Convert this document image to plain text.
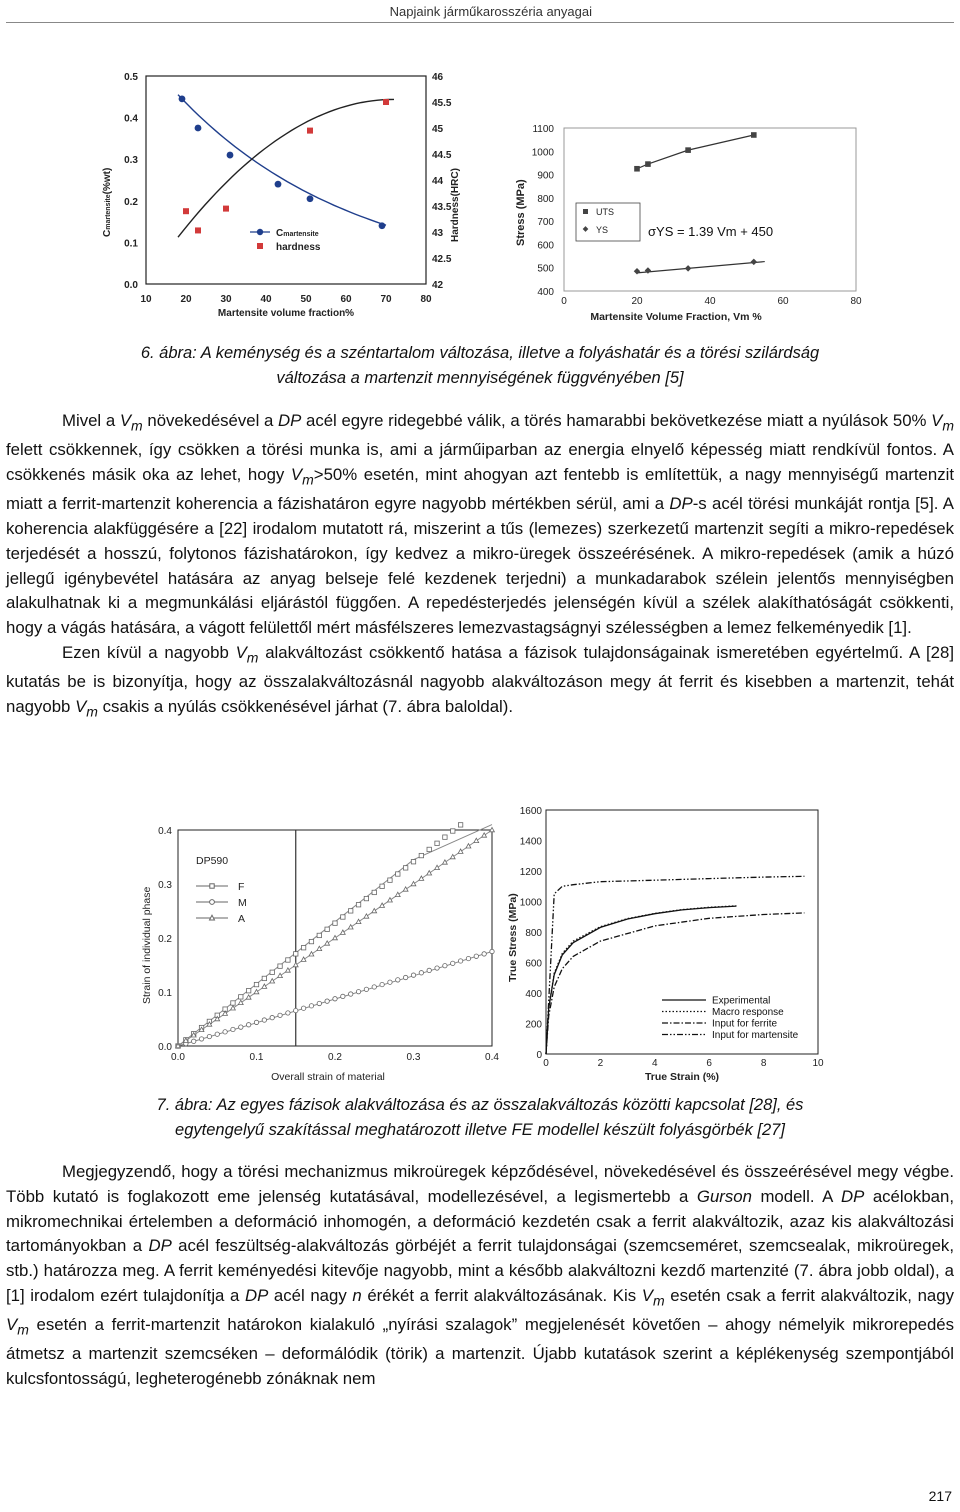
Napjaink járműkarosszéria anyagai
10	20	30	40	50	60	70	80
0.0
0.1
0.2
0.3
0.4
0.5
42
42.5
43
43.5
44
44.5
45
45.5
46
Cmartensite(%wt)	Hardness(HRC)
Martensite volume fraction%
Cmartensite
hardness
0	20	40	60	80
400
500
600
700
800
900
1000
1100
Stress (MPa)
Martensite Volume Fraction, Vm %
UTS
YS	σYS = 1.39 Vm + 450
6. ábra: A keménység és a széntartalom változása, illetve a folyáshatár és a törési szilárdság
változása a martenzit mennyiségének függvényében [5]

Mivel a $V_m$ növekedésével a DP acél egyre ridegebbé válik, a törés hamarabbi bekövetkezése miatt a nyúlások 50% $V_m$ felett csökkennek, így csökken a törési munka is, ami a járműiparban az energia elnyelő képesség miatt rendkívül fontos. A csökkenés másik oka az lehet, hogy $V_m>50\%$ esetén, mint ahogyan azt fentebb is említettük, a nagy mennyiségű martenzit miatt a ferrit-martenzit koherencia a fázishatáron egyre nagyobb mértékben sérül, ami a DP-s acél törési munkáját rontja [5]. A koherencia alakfüggésére a [22] irodalom mutatott rá, miszerint a tűs (lemezes) szerkezetű martenzit segíti a mikro-repedések terjedését a hosszú, folytonos fázishatárokon, így kedvez a mikro-üregek összeérésének. A mikro-repedések (amik a húzó jellegű igénybevétel hatására az anyag belseje felé kezdenek terjedni) a munkadarabok szélein jelentős mennyiségben alakulhatnak ki a megmunkálási eljárástól függően. A repedésterjedés jelenségén kívül a szélek alakíthatóságát csökkenti, hogy a vágás hatására, a vágott felülettől mért másfélszeres lemezvastagságnyi szélességben a lemez felkeményedik [1].

Ezen kívül a nagyobb $V_m$ alakváltozást csökkentő hatása a fázisok tulajdonságainak ismeretében egyértelmű. A [28] kutatás be is bizonyítja, hogy az összalakváltozásnál nagyobb alakváltozáson megy át ferrit és kisebben a martenzit, tehát nagyobb $V_m$ csakis a nyúlás csökkenésével járhat (7. ábra baloldal).

0.0	0.1	0.2	0.3	0.4
0.0
0.1
0.2
0.3
0.4
DP590
Strain of individual phase
Overall strain of material
F
M
A
0	2	4	6	8	10
0
200
400
600
800
1000
1200
1400
1600
True Stress (MPa)
True Strain (%)
Experimental
Macro response
Input for ferrite
Input for martensite
7. ábra: Az egyes fázisok alakváltozása és az összalakváltozás közötti kapcsolat [28], és
egytengelyű szakítással meghatározott illetve FE modellel készült folyásgörbék [27]

Megjegyzendő, hogy a törési mechanizmus mikroüregek képződésével, növekedésével és összeérésével megy végbe. Több kutató is foglakozott eme jelenség kutatásával, modellezésével, a legismertebb a Gurson modell. A DP acélokban, mikromechnikai értelemben a deformáció inhomogén, a deformáció kezdetén csak a ferrit alakváltozik, azaz kis alakváltozási tartományokban a DP acél feszültség-alakváltozás görbéjét a ferrit tulajdonságai (szemcseméret, szemcsealak, mikroüregek, stb.) határozza meg. A ferrit keményedési kitevője nagyobb, mint a később alakváltozni kezdő martenzité (7. ábra jobb oldal), a [1] irodalom ezért tulajdonítja a DP acél nagy n érékét a ferrit alakváltozásának. Kis $V_m$ esetén csak a ferrit alakváltozik, nagy $V_m$ esetén a ferrit-martenzit határokon kialakuló „nyírási szalagok” megjelenését követően – ahogy némelyik mikrorepedés átmetsz a martenzit szemcséken – deformálódik (törik) a martenzit. Újabb kutatások szerint a képlékenység szempontjából kulcsfontosságú, legheterogénebb zónáknak nem

217
